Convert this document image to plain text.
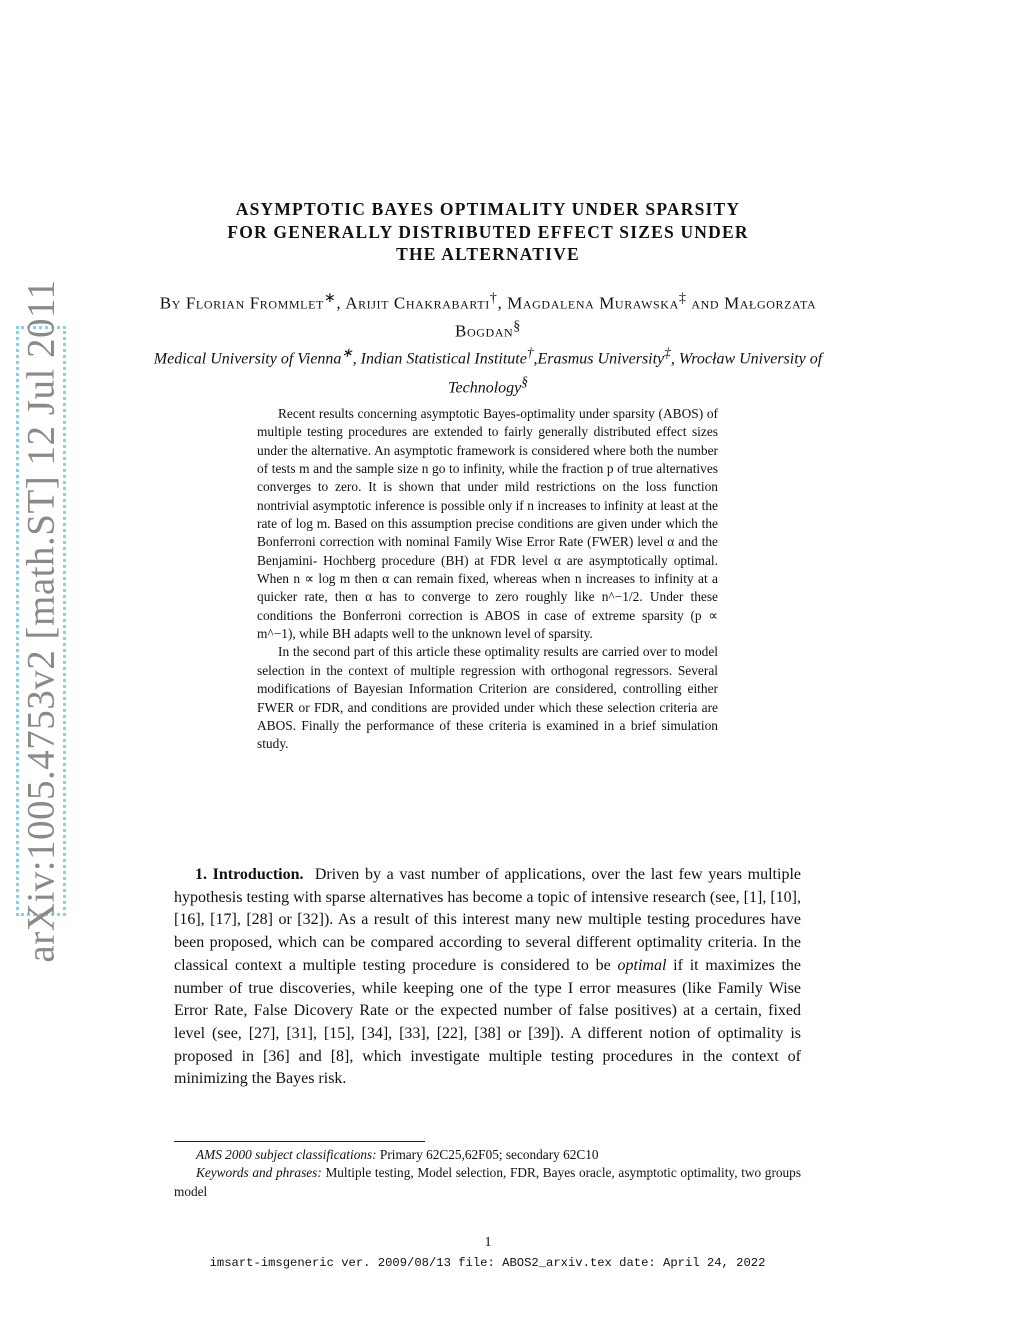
arXiv:1005.4753v2 [math.ST] 12 Jul 2011
ASYMPTOTIC BAYES OPTIMALITY UNDER SPARSITY
FOR GENERALLY DISTRIBUTED EFFECT SIZES UNDER
THE ALTERNATIVE
By Florian Frommlet∗, Arijit Chakrabarti†, Magdalena Murawska‡ and Małgorzata Bogdan§
Medical University of Vienna∗, Indian Statistical Institute†,Erasmus University‡, Wrocław University of Technology§

Recent results concerning asymptotic Bayes-optimality under sparsity (ABOS) of multiple testing procedures are extended to fairly generally distributed effect sizes under the alternative. An asymptotic framework is considered where both the number of tests m and the sample size n go to infinity, while the fraction p of true alternatives converges to zero. It is shown that under mild restrictions on the loss function nontrivial asymptotic inference is possible only if n increases to infinity at least at the rate of log m. Based on this assumption precise conditions are given under which the Bonferroni correction with nominal Family Wise Error Rate (FWER) level α and the Benjamini- Hochberg procedure (BH) at FDR level α are asymptotically optimal. When n ∝ log m then α can remain fixed, whereas when n increases to infinity at a quicker rate, then α has to converge to zero roughly like n^−1/2. Under these conditions the Bonferroni correction is ABOS in case of extreme sparsity (p ∝ m^−1), while BH adapts well to the unknown level of sparsity.

In the second part of this article these optimality results are carried over to model selection in the context of multiple regression with orthogonal regressors. Several modifications of Bayesian Information Criterion are considered, controlling either FWER or FDR, and conditions are provided under which these selection criteria are ABOS. Finally the performance of these criteria is examined in a brief simulation study.

1. Introduction. Driven by a vast number of applications, over the last few years multiple hypothesis testing with sparse alternatives has become a topic of intensive research (see, [1], [10], [16], [17], [28] or [32]). As a result of this interest many new multiple testing procedures have been proposed, which can be compared according to several different optimality criteria. In the classical context a multiple testing procedure is considered to be optimal if it maximizes the number of true discoveries, while keeping one of the type I error measures (like Family Wise Error Rate, False Dicovery Rate or the expected number of false positives) at a certain, fixed level (see, [27], [31], [15], [34], [33], [22], [38] or [39]). A different notion of optimality is proposed in [36] and [8], which investigate multiple testing procedures in the context of minimizing the Bayes risk.

AMS 2000 subject classifications: Primary 62C25,62F05; secondary 62C10

Keywords and phrases: Multiple testing, Model selection, FDR, Bayes oracle, asymptotic optimality, two groups model

1
imsart-imsgeneric ver. 2009/08/13 file: ABOS2_arxiv.tex date: April 24, 2022
